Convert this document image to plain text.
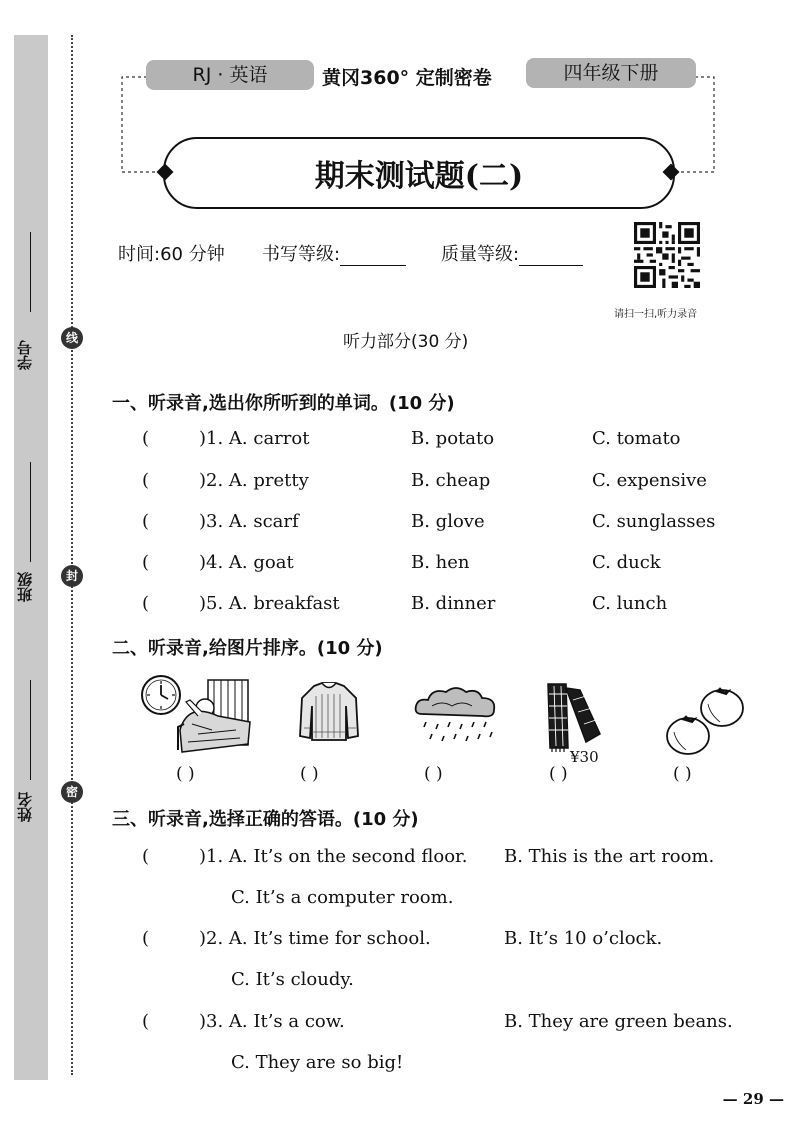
学号
班级
姓名
线
封
密
RJ · 英语	黄冈360° 定制密卷	四年级下册
期末测试题(二)
时间:60 分钟 书写等级:	质量等级:
请扫一扫,听力录音
听力部分(30 分)
一、听录音,选出你所听到的单词。(10 分)
(	)1. A. carrot	B. potato	C. tomato
(	)2. A. pretty	B. cheap	C. expensive
(	)3. A. scarf	B. glove	C. sunglasses
(	)4. A. goat	B. hen	C. duck
(	)5. A. breakfast	B. dinner	C. lunch
二、听录音,给图片排序。(10 分)
¥30
( )	( )	( )	( )	( )
三、听录音,选择正确的答语。(10 分)
(	)1. A. It’s on the second floor. B. This is the art room.
C. It’s a computer room.
(	)2. A. It’s time for school.	B. It’s 10 o’clock.
C. It’s cloudy.
(	)3. A. It’s a cow.	B. They are green beans.
C. They are so big!
— 29 —
